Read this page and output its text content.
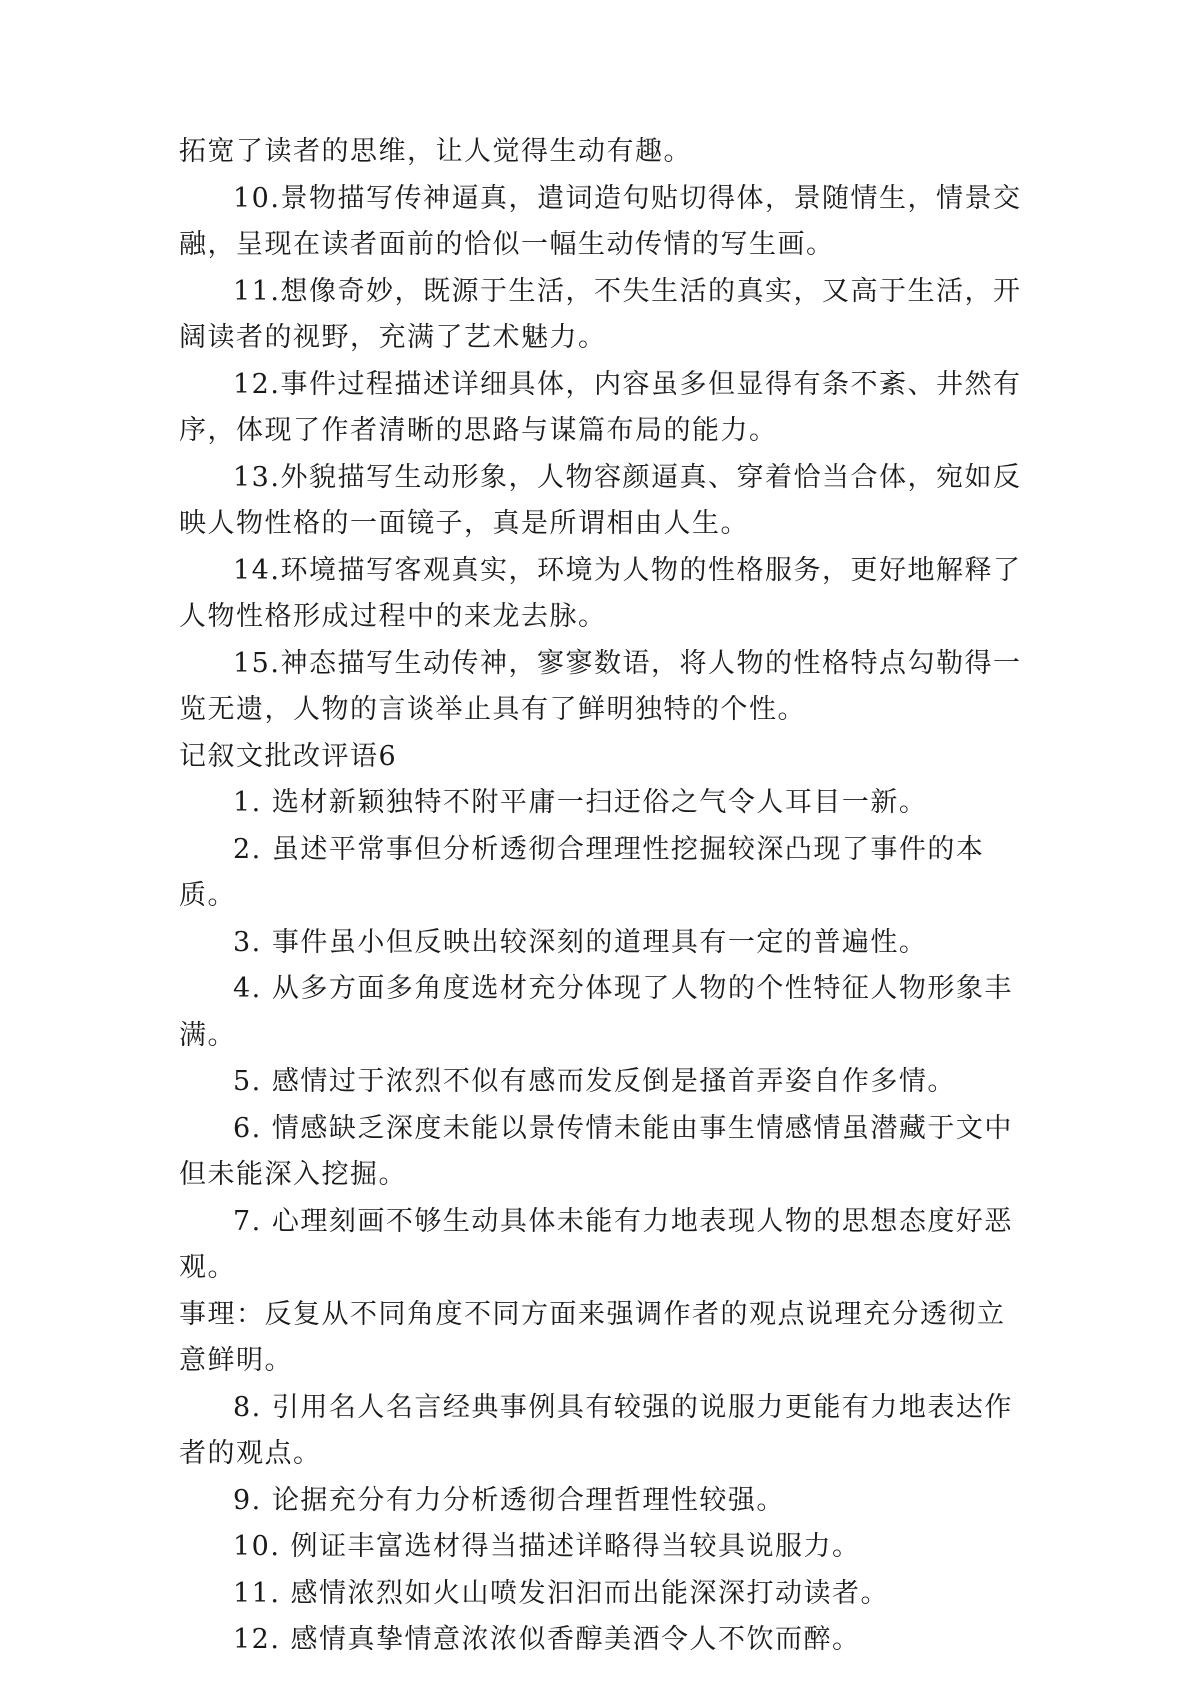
拓宽了读者的思维，让人觉得生动有趣。

10.景物描写传神逼真，遣词造句贴切得体，景随情生，情景交融，呈现在读者面前的恰似一幅生动传情的写生画。

11.想像奇妙，既源于生活，不失生活的真实，又高于生活，开阔读者的视野，充满了艺术魅力。

12.事件过程描述详细具体，内容虽多但显得有条不紊、井然有序，体现了作者清晰的思路与谋篇布局的能力。

13.外貌描写生动形象，人物容颜逼真、穿着恰当合体，宛如反映人物性格的一面镜子，真是所谓相由人生。

14.环境描写客观真实，环境为人物的性格服务，更好地解释了人物性格形成过程中的来龙去脉。

15.神态描写生动传神，寥寥数语，将人物的性格特点勾勒得一览无遗，人物的言谈举止具有了鲜明独特的个性。

记叙文批改评语6

1. 选材新颖独特不附平庸一扫迂俗之气令人耳目一新。

2. 虽述平常事但分析透彻合理理性挖掘较深凸现了事件的本质。

3. 事件虽小但反映出较深刻的道理具有一定的普遍性。

4. 从多方面多角度选材充分体现了人物的个性特征人物形象丰满。

5. 感情过于浓烈不似有感而发反倒是搔首弄姿自作多情。

6. 情感缺乏深度未能以景传情未能由事生情感情虽潜藏于文中但未能深入挖掘。

7. 心理刻画不够生动具体未能有力地表现人物的思想态度好恶观。

事理：反复从不同角度不同方面来强调作者的观点说理充分透彻立意鲜明。

8. 引用名人名言经典事例具有较强的说服力更能有力地表达作者的观点。

9. 论据充分有力分析透彻合理哲理性较强。

10. 例证丰富选材得当描述详略得当较具说服力。

11. 感情浓烈如火山喷发汩汩而出能深深打动读者。

12. 感情真挚情意浓浓似香醇美酒令人不饮而醉。
